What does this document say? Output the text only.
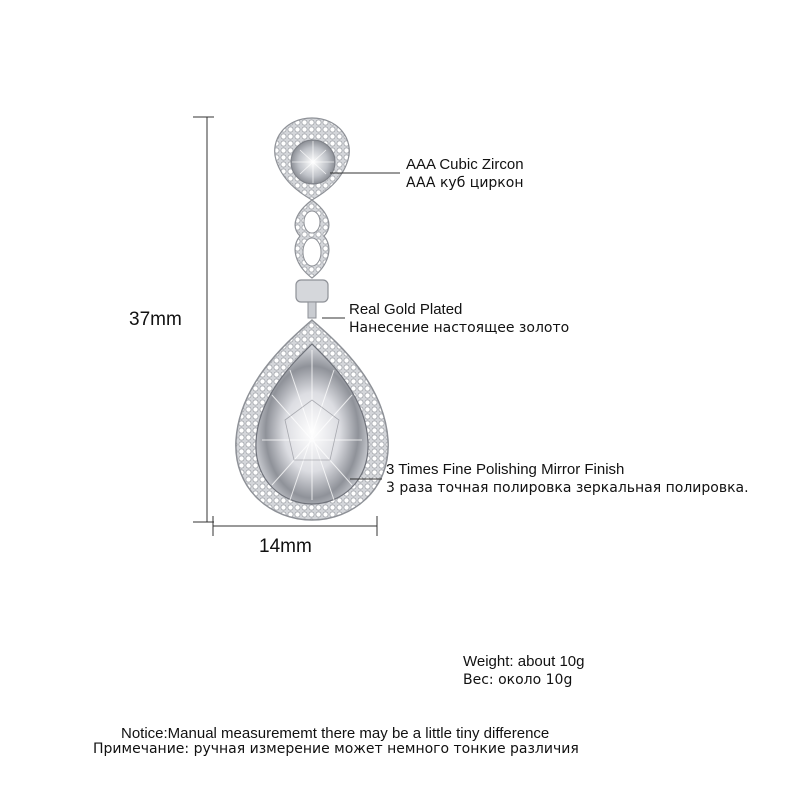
37mm
14mm
AAA Cubic Zircon
AAA куб циркон
Real Gold Plated
Нанесение настоящее золото
3 Times Fine Polishing Mirror Finish
3 раза точная полировка зеркальная полировка.
Weight: about 10g
Вес: около 10g
Notice:Manual measurememt there may be a little tiny difference
Примечание: ручная измерение может немного тонкие различия
